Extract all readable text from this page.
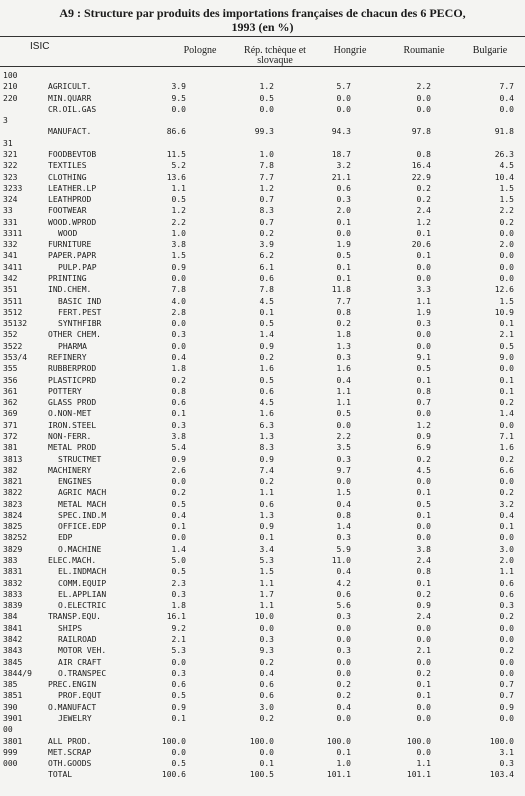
A9 : Structure par produits des importations françaises de chacun des 6 PECO,
1993 (en %)
ISIC	Pologne	Rép. tchèque et slovaque
Hongrie	Roumanie	Bulgarie
100
210	AGRICULT.	3.9	1.2	5.7	2.2	7.7
220	MIN.QUARR	9.5	0.5	0.0	0.0	0.4
CR.OIL.GAS	0.0	0.0	0.0	0.0	0.0
3
MANUFACT.	86.6	99.3	94.3	97.8	91.8
31
321	FOODBEVTOB	11.5	1.0	18.7	0.8	26.3
322	TEXTILES	5.2	7.8	3.2	16.4	4.5
323	CLOTHING	13.6	7.7	21.1	22.9	10.4
3233	LEATHER.LP	1.1	1.2	0.6	0.2	1.5
324	LEATHPROD	0.5	0.7	0.3	0.2	1.5
33	FOOTWEAR	1.2	8.3	2.0	2.4	2.2
331	WOOD.WPROD	2.2	0.7	0.1	1.2	0.2
3311	WOOD	1.0	0.2	0.0	0.1	0.0
332	FURNITURE	3.8	3.9	1.9	20.6	2.0
341	PAPER.PAPR	1.5	6.2	0.5	0.1	0.0
3411	PULP.PAP	0.9	6.1	0.1	0.0	0.0
342	PRINTING	0.0	0.6	0.1	0.0	0.0
351	IND.CHEM.	7.8	7.8	11.8	3.3	12.6
3511	BASIC IND	4.0	4.5	7.7	1.1	1.5
3512	FERT.PEST	2.8	0.1	0.8	1.9	10.9
35132	SYNTHFIBR	0.0	0.5	0.2	0.3	0.1
352	OTHER CHEM.	0.3	1.4	1.8	0.0	2.1
3522	PHARMA	0.0	0.9	1.3	0.0	0.5
353/4	REFINERY	0.4	0.2	0.3	9.1	9.0
355	RUBBERPROD	1.8	1.6	1.6	0.5	0.0
356	PLASTICPRD	0.2	0.5	0.4	0.1	0.1
361	POTTERY	0.8	0.6	1.1	0.8	0.1
362	GLASS PROD	0.6	4.5	1.1	0.7	0.2
369	O.NON-MET	0.1	1.6	0.5	0.0	1.4
371	IRON.STEEL	0.3	6.3	0.0	1.2	0.0
372	NON-FERR.	3.8	1.3	2.2	0.9	7.1
381	METAL PROD	5.4	8.3	3.5	6.9	1.6
3813	STRUCTMET	0.9	0.9	0.3	0.2	0.2
382	MACHINERY	2.6	7.4	9.7	4.5	6.6
3821	ENGINES	0.0	0.2	0.0	0.0	0.0
3822	AGRIC MACH	0.2	1.1	1.5	0.1	0.2
3823	METAL MACH	0.5	0.6	0.4	0.5	3.2
3824	SPEC.IND.M	0.4	1.3	0.8	0.1	0.4
3825	OFFICE.EDP	0.1	0.9	1.4	0.0	0.1
38252	EDP	0.0	0.1	0.3	0.0	0.0
3829	O.MACHINE	1.4	3.4	5.9	3.8	3.0
383	ELEC.MACH.	5.0	5.3	11.0	2.4	2.0
3831	EL.INDMACH	0.5	1.5	0.4	0.8	1.1
3832	COMM.EQUIP	2.3	1.1	4.2	0.1	0.6
3833	EL.APPLIAN	0.3	1.7	0.6	0.2	0.6
3839	O.ELECTRIC	1.8	1.1	5.6	0.9	0.3
384	TRANSP.EQU.	16.1	10.0	0.3	2.4	0.2
3841	SHIPS	9.2	0.0	0.0	0.0	0.0
3842	RAILROAD	2.1	0.3	0.0	0.0	0.0
3843	MOTOR VEH.	5.3	9.3	0.3	2.1	0.2
3845	AIR CRAFT	0.0	0.2	0.0	0.0	0.0
3844/9	O.TRANSPEC	0.3	0.4	0.0	0.2	0.0
385	PREC.ENGIN	0.6	0.6	0.2	0.1	0.7
3851	PROF.EQUT	0.5	0.6	0.2	0.1	0.7
390	O.MANUFACT	0.9	3.0	0.4	0.0	0.9
3901	JEWELRY	0.1	0.2	0.0	0.0	0.0
00
3801	ALL PROD.	100.0	100.0	100.0	100.0	100.0
999	MET.SCRAP	0.0	0.0	0.1	0.0	3.1
000	OTH.GOODS	0.5	0.1	1.0	1.1	0.3
TOTAL	100.6	100.5	101.1	101.1	103.4
